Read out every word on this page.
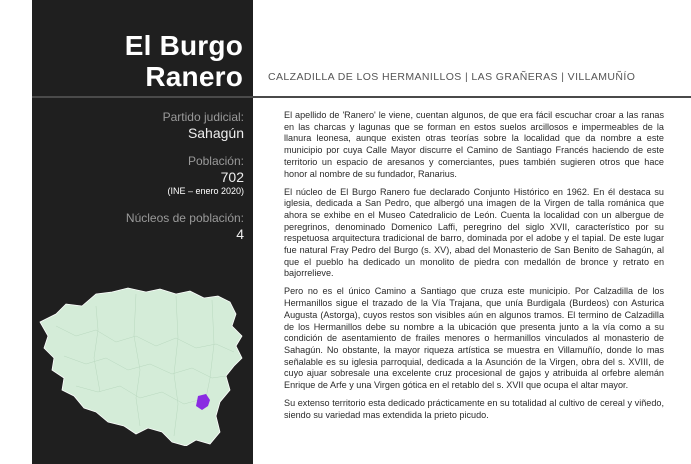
El Burgo
Ranero
Partido judicial:
Sahagún
Población:
702
(INE – enero 2020)
Núcleos de población:
4
CALZADILLA DE LOS HERMANILLOS | LAS GRAÑERAS | VILLAMUÑÍO

El apellido de 'Ranero' le viene, cuentan algunos, de que era fácil escuchar croar a las ranas en las charcas y lagunas que se forman en estos suelos arcillosos e impermeables de la llanura leonesa, aunque existen otras teorías sobre la localidad que da nombre a este municipio por cuya Calle Mayor discurre el Camino de Santiago Francés haciendo de este territorio un espacio de aresanos y comerciantes, pues también sugieren otros que hace honor al nombre de su fundador, Ranarius.

El núcleo de El Burgo Ranero fue declarado Conjunto Histórico en 1962. En él destaca su iglesia, dedicada a San Pedro, que albergó una imagen de la Virgen de talla románica que ahora se exhibe en el Museo Catedralicio de León. Cuenta la localidad con un albergue de peregrinos, denominado Domenico Laffi, peregrino del siglo XVII, característico por su respetuosa arquitectura tradicional de barro, dominada por el adobe y el tapial. De este lugar fue natural Fray Pedro del Burgo (s. XV), abad del Monasterio de San Benito de Sahagún, al que el pueblo ha dedicado un monolito de piedra con medallón de bronce y retrato en bajorrelieve.

Pero no es el único Camino a Santiago que cruza este municipio. Por Calzadilla de los Hermanillos sigue el trazado de la Vía Trajana, que unía Burdigala (Burdeos) con Asturica Augusta (Astorga), cuyos restos son visibles aún en algunos tramos. El termino de Calzadilla de los Hermanillos debe su nombre a la ubicación que presenta junto a la vía como a su condición de asentamiento de frailes menores o hermanillos vinculados al monasterio de Sahagún. No obstante, la mayor riqueza artística se muestra en Villamuñío, donde lo mas señalable es su iglesia parroquial, dedicada a la Asunción de la Virgen, obra del s. XVIII, de cuyo ajuar sobresale una excelente cruz procesional de gajos y atribuida al orfebre alemán Enrique de Arfe y una Virgen gótica en el retablo del s. XVII que ocupa el altar mayor.

Su extenso territorio esta dedicado prácticamente en su totalidad al cultivo de cereal y viñedo, siendo su variedad mas extendida la prieto picudo.
